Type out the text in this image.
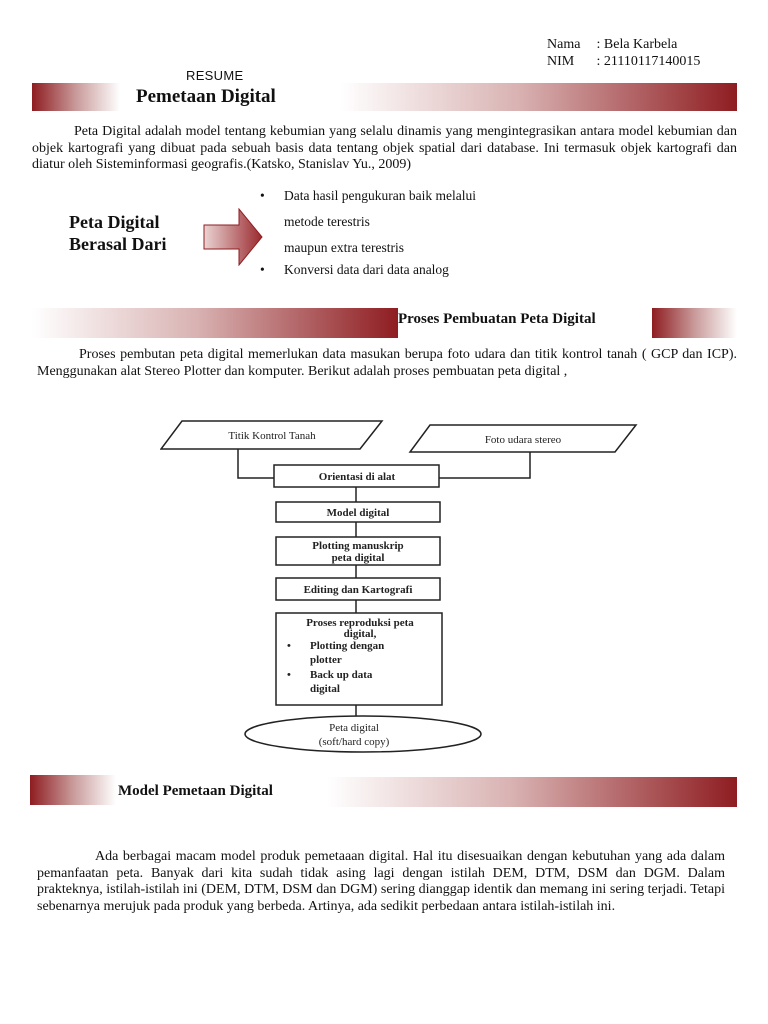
Nama : Bela Karbela
NIM : 21110117140015
RESUME
Pemetaan Digital
Peta Digital adalah model tentang kebumian yang selalu dinamis yang mengintegrasikan antara model kebumian dan objek kartografi yang dibuat pada sebuah basis data tentang objek spatial dari database. Ini termasuk objek kartografi dan diatur oleh Sisteminformasi geografis.(Katsko, Stanislav Yu., 2009)
Peta Digital
Berasal Dari
• Data hasil pengukuran baik melalui
metode terestris
maupun extra terestris
• Konversi data dari data analog
Proses Pembuatan Peta Digital
Proses pembutan peta digital memerlukan data masukan berupa foto udara dan titik kontrol tanah ( GCP dan ICP). Menggunakan alat Stereo Plotter dan komputer. Berikut adalah proses pembuatan peta digital ,
Titik Kontrol Tanah	Foto udara stereo
Orientasi di alat
Model digital
Plotting manuskrip
peta digital
Editing dan Kartografi
Proses reproduksi peta
digital,
• Plotting dengan
plotter
• Back up data
digital
Peta digital
(soft/hard copy)
Model Pemetaan Digital
Ada berbagai macam model produk pemetaaan digital. Hal itu disesuaikan dengan kebutuhan yang ada dalam pemanfaatan peta. Banyak dari kita sudah tidak asing lagi dengan istilah DEM, DTM, DSM dan DGM. Dalam prakteknya, istilah-istilah ini (DEM, DTM, DSM dan DGM) sering dianggap identik dan memang ini sering terjadi. Tetapi sebenarnya merujuk pada produk yang berbeda. Artinya, ada sedikit perbedaan antara istilah-istilah ini.
